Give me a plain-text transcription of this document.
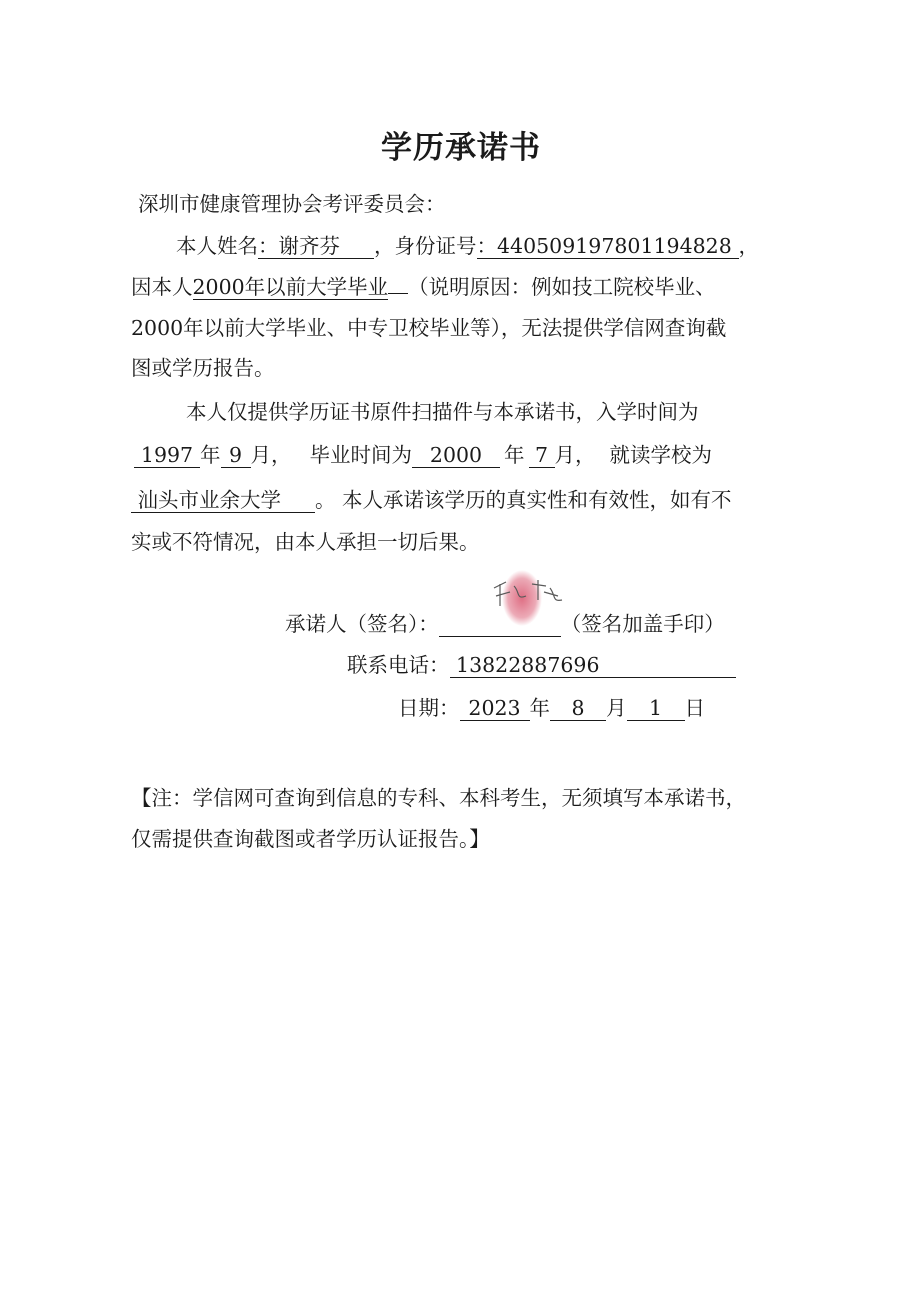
学历承诺书
深圳市健康管理协会考评委员会：
本人姓名：谢齐芬 ，身份证号：440509197801194828 ，
因本人2000年以前大学毕业 （说明原因：例如技工院校毕业、
2000年以前大学毕业、中专卫校毕业等），无法提供学信网查询截
图或学历报告。
本人仅提供学历证书原件扫描件与本承诺书，入学时间为
1997 年 9 月， 毕业时间为 2000 年 7 月， 就读学校为
汕头市业余大学 。 本人承诺该学历的真实性和有效性，如有不
实或不符情况，由本人承担一切后果。
承诺人（签名）：	（签名加盖手印）
联系电话： 13822887696
日期： 2023 年 8 月 1 日
【注：学信网可查询到信息的专科、本科考生，无须填写本承诺书，
仅需提供查询截图或者学历认证报告。】
